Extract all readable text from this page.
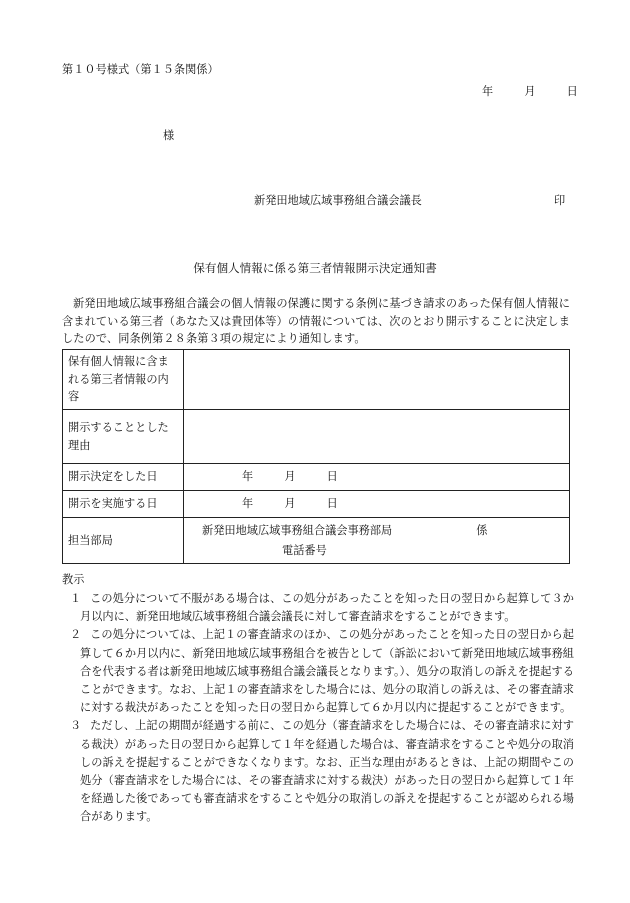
第１０号様式（第１５条関係）
年	月	日
様
新発田地域広域事務組合議会議長	印
保有個人情報に係る第三者情報開示決定通知書
新発田地域広域事務組合議会の個人情報の保護に関する条例に基づき請求のあった保有個人情報に含まれている第三者（あなた又は貴団体等）の情報については、次のとおり開示することに決定しましたので、同条例第２８条第３項の規定により通知します。
保有個人情報に含まれる第三者情報の内容	
開示することとした理由	
開示決定をした日	年 月 日
開示を実施する日	年 月 日
担当部局	新発田地域広域事務組合議会事務部局 係
電話番号
教示
１ この処分について不服がある場合は、この処分があったことを知った日の翌日から起算して３か月以内に、新発田地域広域事務組合議会議長に対して審査請求をすることができます。
２ この処分については、上記１の審査請求のほか、この処分があったことを知った日の翌日から起算して６か月以内に、新発田地域広域事務組合を被告として（訴訟において新発田地域広域事務組合を代表する者は新発田地域広域事務組合議会議長となります。）、処分の取消しの訴えを提起することができます。なお、上記１の審査請求をした場合には、処分の取消しの訴えは、その審査請求に対する裁決があったことを知った日の翌日から起算して６か月以内に提起することができます。
３ ただし、上記の期間が経過する前に、この処分（審査請求をした場合には、その審査請求に対する裁決）があった日の翌日から起算して１年を経過した場合は、審査請求をすることや処分の取消しの訴えを提起することができなくなります。なお、正当な理由があるときは、上記の期間やこの処分（審査請求をした場合には、その審査請求に対する裁決）があった日の翌日から起算して１年を経過した後であっても審査請求をすることや処分の取消しの訴えを提起することが認められる場合があります。
